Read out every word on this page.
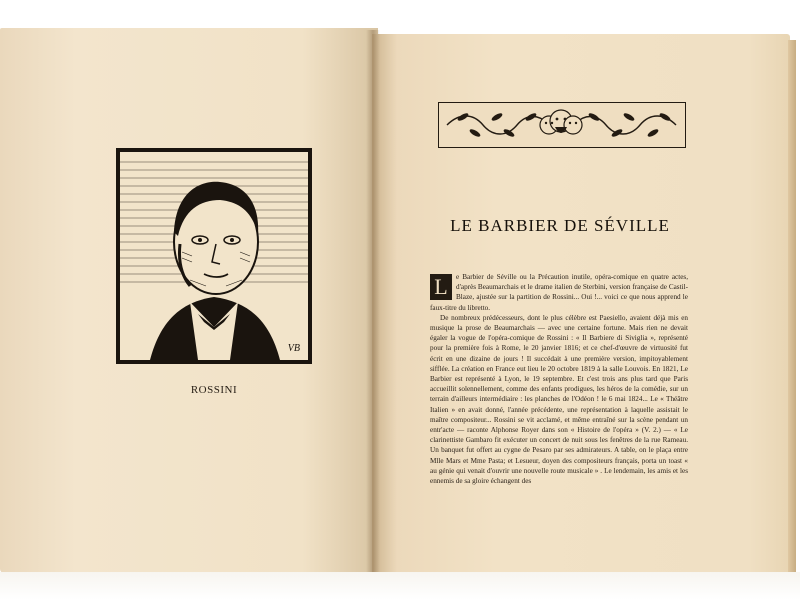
VB
ROSSINI
LE BARBIER DE SÉVILLE
L	e Barbier de Séville ou la Précaution inutile, opéra-comique en quatre actes, d'après Beaumarchais et le drame italien de Sterbini, version française de Castil-Blaze, ajustée sur la partition de Rossini... Oui !... voici ce que nous apprend le faux-titre du libretto.

De nombreux prédécesseurs, dont le plus célèbre est Paesiello, avaient déjà mis en musique la prose de Beaumarchais — avec une certaine fortune. Mais rien ne devait égaler la vogue de l'opéra-comique de Rossini : « Il Barbiere di Siviglia », représenté pour la première fois à Rome, le 20 janvier 1816; et ce chef-d'œuvre de virtuosité fut écrit en une dizaine de jours ! Il succédait à une première version, impitoyablement sifflée. La création en France eut lieu le 20 octobre 1819 à la salle Louvois. En 1821, Le Barbier est représenté à Lyon, le 19 septembre. Et c'est trois ans plus tard que Paris accueillit solennellement, comme des enfants prodigues, les héros de la comédie, sur un terrain d'ailleurs intermédiaire : les planches de l'Odéon ! le 6 mai 1824... Le « Théâtre Italien » en avait donné, l'année précédente, une représentation à laquelle assistait le maître compositeur... Rossini se vit acclamé, et même entraîné sur la scène pendant un entr'acte — raconte Alphonse Royer dans son « Histoire de l'opéra » (V. 2.) — « Le clarinettiste Gambaro fit exécuter un concert de nuit sous les fenêtres de la rue Rameau. Un banquet fut offert au cygne de Pesaro par ses admirateurs. A table, on le plaça entre Mlle Mars et Mme Pasta; et Lesueur, doyen des compositeurs français, porta un toast « au génie qui venait d'ouvrir une nouvelle route musicale » . Le lendemain, les amis et les ennemis de sa gloire échangent des
